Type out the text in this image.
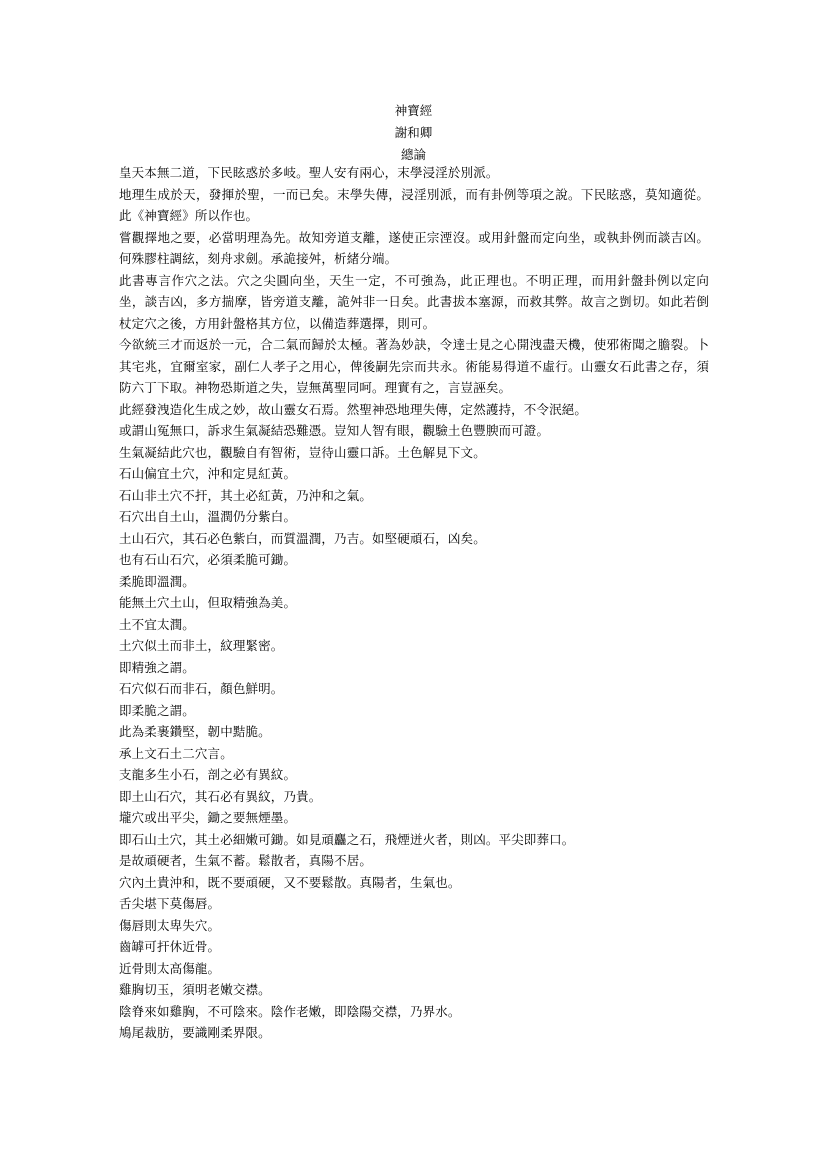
神寶經
謝和卿
總論

皇天本無二道，下民眩惑於多岐。聖人安有兩心，末學浸淫於別派。

地理生成於天，發揮於聖，一而已矣。末學失傳，浸淫別派，而有卦例等項之說。下民眩惑，莫知適從。此《神寶經》所以作也。

嘗觀擇地之要，必當明理為先。故知旁道支離，遂使正宗湮沒。或用針盤而定向坐，或執卦例而談吉凶。何殊膠柱調絃，刻舟求劍。承詭接舛，析緒分端。

此書專言作穴之法。穴之尖圓向坐，天生一定，不可強為，此正理也。不明正理，而用針盤卦例以定向坐，談吉凶，多方揣摩，皆旁道支離，詭舛非一日矣。此書拔本塞源，而救其弊。故言之剴切。如此若倒杖定穴之後，方用針盤格其方位，以備造葬選擇，則可。

今欲統三才而返於一元，合二氣而歸於太極。著為妙訣，令達士見之心開洩盡天機，使邪術聞之膽裂。卜其宅兆，宜爾室家，副仁人孝子之用心，俾後嗣先宗而共永。術能易得道不虛行。山靈女石此書之存，須防六丁下取。神物恐斯道之失，豈無萬聖同呵。理實有之，言豈誣矣。

此經發洩造化生成之妙，故山靈女石焉。然聖神恐地理失傳，定然護持，不令泯絕。

或謂山冤無口，訴求生氣凝結恐難憑。豈知人智有眼，觀驗土色豐腴而可證。

生氣凝結此穴也，觀驗自有智術，豈待山靈口訴。土色解見下文。

石山偏宜土穴，沖和定見紅黃。

石山非土穴不扞，其土必紅黃，乃沖和之氣。

石穴出自土山，溫潤仍分紫白。

土山石穴，其石必色紫白，而質溫潤，乃吉。如堅硬頑石，凶矣。

也有石山石穴，必須柔脆可鋤。

柔脆即溫潤。

能無土穴土山，但取精強為美。

土不宜太潤。

土穴似土而非土，紋理緊密。

即精強之謂。

石穴似石而非石，顏色鮮明。

即柔脆之謂。

此為柔裹鑽堅，韌中黠脆。

承上文石土二穴言。

支龍多生小石，剖之必有異紋。

即土山石穴，其石必有異紋，乃貴。

壠穴或出平尖，鋤之要無煙墨。

即石山土穴，其土必細嫩可鋤。如見頑麤之石，飛煙迸火者，則凶。平尖即葬口。

是故頑硬者，生氣不蓄。鬆散者，真陽不居。

穴內土貴沖和，既不要頑硬，又不要鬆散。真陽者，生氣也。

舌尖堪下莫傷唇。

傷唇則太卑失穴。

齒罅可扞休近骨。

近骨則太高傷龍。

雞胸切玉，須明老嫩交襟。

陰脊來如雞胸，不可陰來。陰作老嫩，即陰陽交襟，乃界水。

鳩尾裁肪，要識剛柔界限。
